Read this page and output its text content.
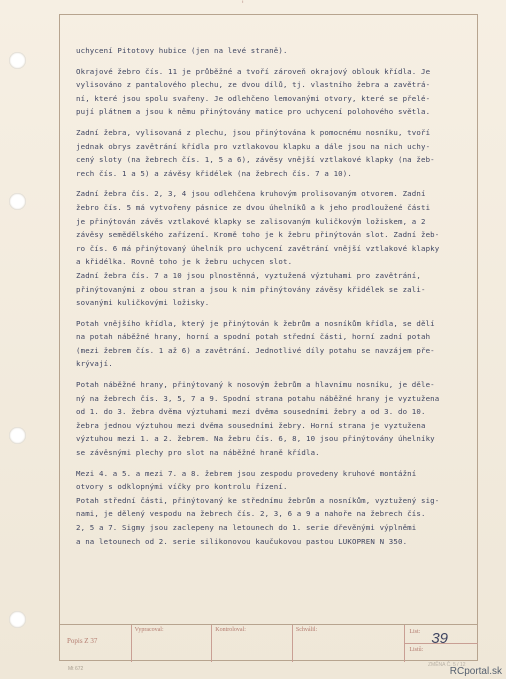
'

uchycení Pitotovy hubice (jen na levé straně).

Okrajové žebro čís. 11 je průběžné a tvoří zároveň okrajový oblouk křídla. Je
vylisováno z pantalového plechu, ze dvou dílů, tj. vlastního žebra a zavětrá-
ní, které jsou spolu svařeny. Je odlehčeno lemovanými otvory, které se přelé-
pují plátnem a jsou k němu přinýtovány matice pro uchycení polohového světla.

Zadní žebra, vylisovaná z plechu, jsou přinýtována k pomocnému nosníku, tvoří
jednak obrys zavětrání křídla pro vztlakovou klapku a dále jsou na nich uchy-
cený sloty (na žebrech čís. 1, 5 a 6), závěsy vnější vztlakové klapky (na žeb-
rech čís. 1 a 5) a závěsy křidélek (na žebrech čís. 7 a 10).

Zadní žebra čís. 2, 3, 4 jsou odlehčena kruhovým prolisovaným otvorem. Zadní
žebro čís. 5 má vytvořeny pásnice ze dvou úhelníků a k jeho prodloužené části
je přinýtován závěs vztlakové klapky se zalisovaným kuličkovým ložiskem, a 2
závěsy semědělského zařízení. Kromě toho je k žebru přinýtován slot. Zadní žeb-
ro čís. 6 má přinýtovaný úhelník pro uchycení zavětrání vnější vztlakové klapky
a křidélka. Rovně toho je k žebru uchycen slot.
Zadní žebra čís. 7 a 10 jsou plnostěnná, vyztužená výztuhami pro zavětrání,
přinýtovanými z obou stran a jsou k nim přinýtovány závěsy křidélek se zali-
sovanými kuličkovými ložisky.

Potah vnějšího křídla, který je přinýtován k žebrům a nosníkům křídla, se dělí
na potah náběžné hrany, horní a spodní potah střední části, horní zadní potah
(mezi žebrem čís. 1 až 6) a zavětrání. Jednotlivé díly potahu se navzájem pře-
krývají.

Potah náběžné hrany, přinýtovaný k nosovým žebrům a hlavnímu nosníku, je děle-
ný na žebrech čís. 3, 5, 7 a 9. Spodní strana potahu náběžné hrany je vyztužena
od 1. do 3. žebra dvěma výztuhami mezi dvěma sousedními žebry a od 3. do 10.
žebra jednou výztuhou mezi dvěma sousedními žebry. Horní strana je vyztužena
výztuhou mezi 1. a 2. žebrem. Na žebru čís. 6, 8, 10 jsou přinýtovány úhelníky
se závěsnými plechy pro slot na náběžné hraně křídla.

Mezi 4. a 5. a mezi 7. a 8. žebrem jsou zespodu provedeny kruhové montážní
otvory s odklopnými víčky pro kontrolu řízení.
Potah střední části, přinýtovaný ke střednímu žebrům a nosníkům, vyztužený sig-
nami, je dělený vespodu na žebrech čís. 2, 3, 6 a 9 a nahoře na žebrech čís.
2, 5 a 7. Sigmy jsou zaclepeny na letounech do 1. serie dřevěnými výplněmi
a na letounech od 2. serie silikonovou kaučukovou pastou LUKOPREN N 350.

Popis Z 37
Vypracoval:	Kontroloval:	Schválil:	List: 39
Listů:
Mt 672
ZMĚNA Č. 5 / 12
RCportal.sk
